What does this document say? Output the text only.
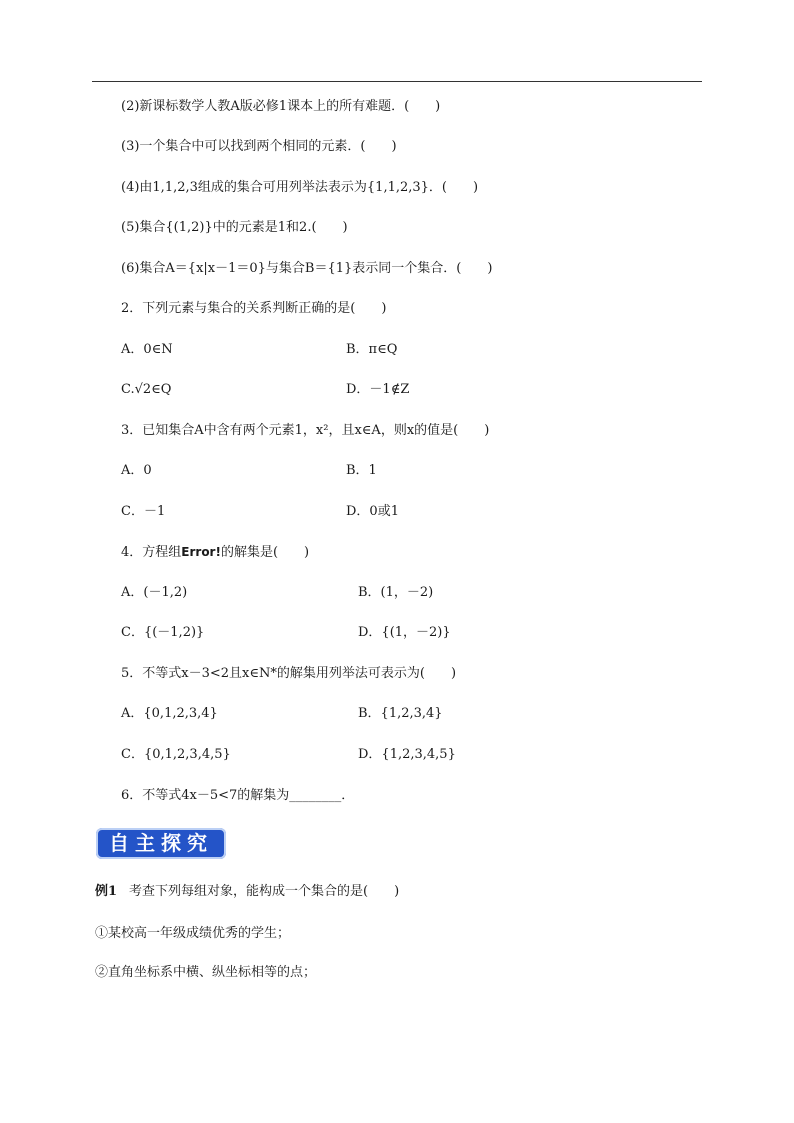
(2)新课标数学人教A版必修1课本上的所有难题．(　　)
(3)一个集合中可以找到两个相同的元素．(　　)
(4)由1,1,2,3组成的集合可用列举法表示为{1,1,2,3}．(　　)
(5)集合{(1,2)}中的元素是1和2.(　　)
(6)集合A＝{x|x－1＝0}与集合B＝{1}表示同一个集合．(　　)
2．下列元素与集合的关系判断正确的是(　　)
A．0∈N	B．π∈Q
C.√2∈Q	D．－1∉Z
3．已知集合A中含有两个元素1，x²，且x∈A，则x的值是(　　)
A．0	B．1
C．－1	D．0或1
4．方程组Error!的解集是(　　)
A．(－1,2)	B．(1，－2)
C．{(－1,2)}	D．{(1，－2)}
5．不等式x－3<2且x∈N*的解集用列举法可表示为(　　)
A．{0,1,2,3,4}	B．{1,2,3,4}
C．{0,1,2,3,4,5}	D．{1,2,3,4,5}
6．不等式4x－5<7的解集为________．
自主探究
例1 考查下列每组对象，能构成一个集合的是(　　)
①某校高一年级成绩优秀的学生；
②直角坐标系中横、纵坐标相等的点；
